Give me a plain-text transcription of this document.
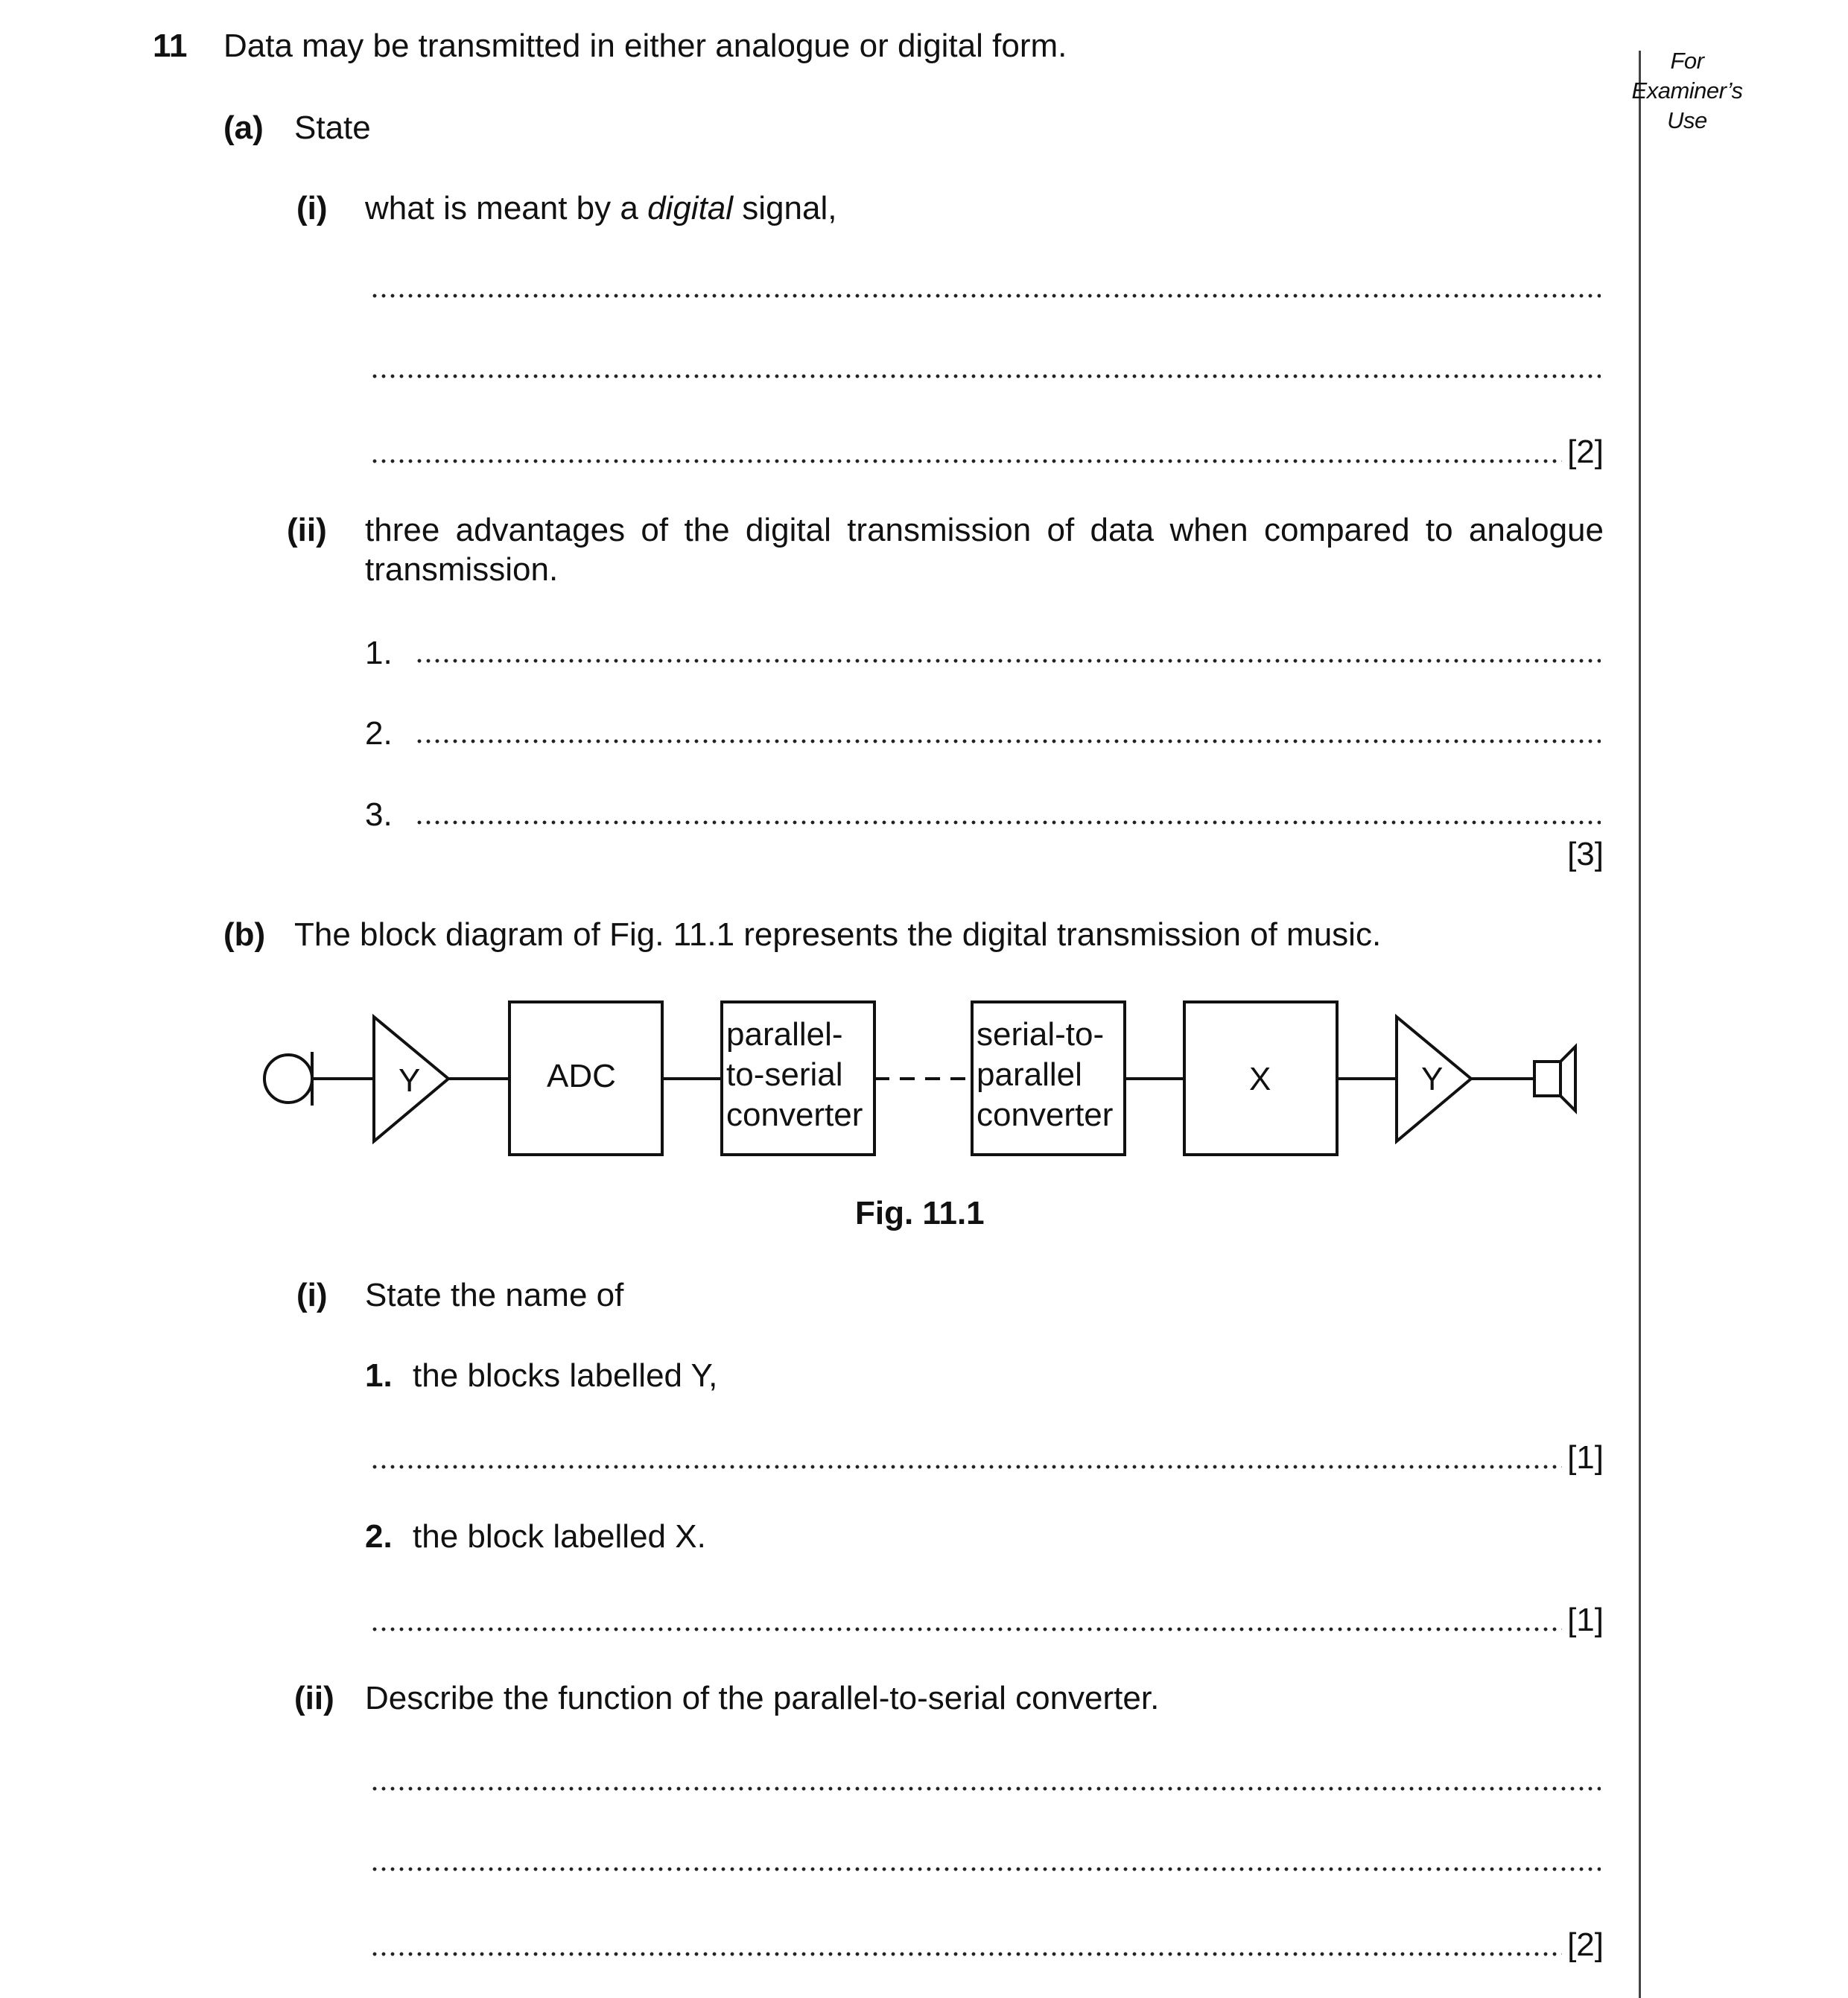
For
Examiner’s
Use
11 Data may be transmitted in either analogue or digital form.
(a) State
(i) what is meant by a digital signal,
[2]
(ii) three advantages of the digital transmission of data when compared to analogue
transmission.
1.
2.
3.
[3]
(b) The block diagram of Fig. 11.1 represents the digital transmission of music.
Y	ADC
parallel-
to-serial
converter
serial-to-
parallel
converter
X	Y
Fig. 11.1
(i) State the name of
1. the blocks labelled Y,
[1]
2. the block labelled X.
[1]
(ii) Describe the function of the parallel-to-serial converter.
[2]
